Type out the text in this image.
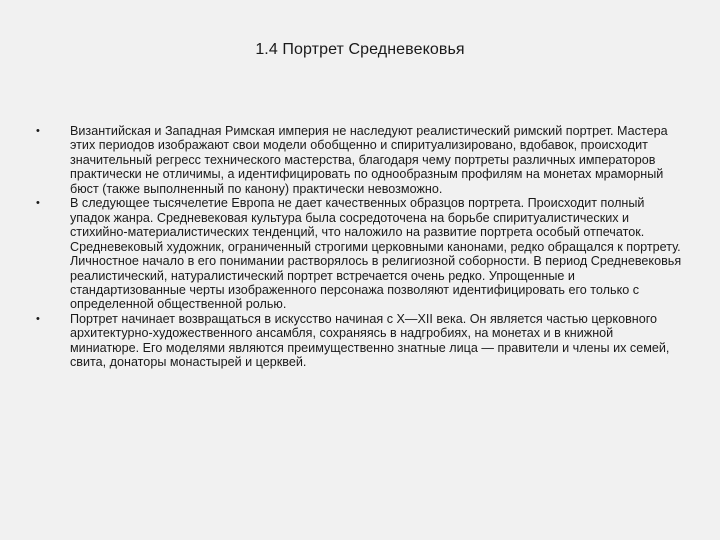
1.4 Портрет Средневековья
•	Византийская и Западная Римская империя не наследуют реалистический римский портрет. Мастера этих периодов изображают свои модели обобщенно и спиритуализировано, вдобавок, происходит значительный регресс технического мастерства, благодаря чему портреты различных императоров практически не отличимы, а идентифицировать по однообразным профилям на монетах мраморный бюст (также выполненный по канону) практически невозможно.
•	В следующее тысячелетие Европа не дает качественных образцов портрета. Происходит полный упадок жанра. Средневековая культура была сосредоточена на борьбе спиритуалистических и стихийно-материалистических тенденций, что наложило на развитие портрета особый отпечаток. Средневековый художник, ограниченный строгими церковными канонами, редко обращался к портрету. Личностное начало в его понимании растворялось в религиозной соборности. В период Средневековья реалистический, натуралистический портрет встречается очень редко. Упрощенные и стандартизованные черты изображенного персонажа позволяют идентифицировать его только с определенной общественной ролью.
•	Портрет начинает возвращаться в искусство начиная с X—XII века. Он является частью церковного архитектурно-художественного ансамбля, сохраняясь в надгробиях, на монетах и в книжной миниатюре. Его моделями являются преимущественно знатные лица — правители и члены их семей, свита, донаторы монастырей и церквей.
